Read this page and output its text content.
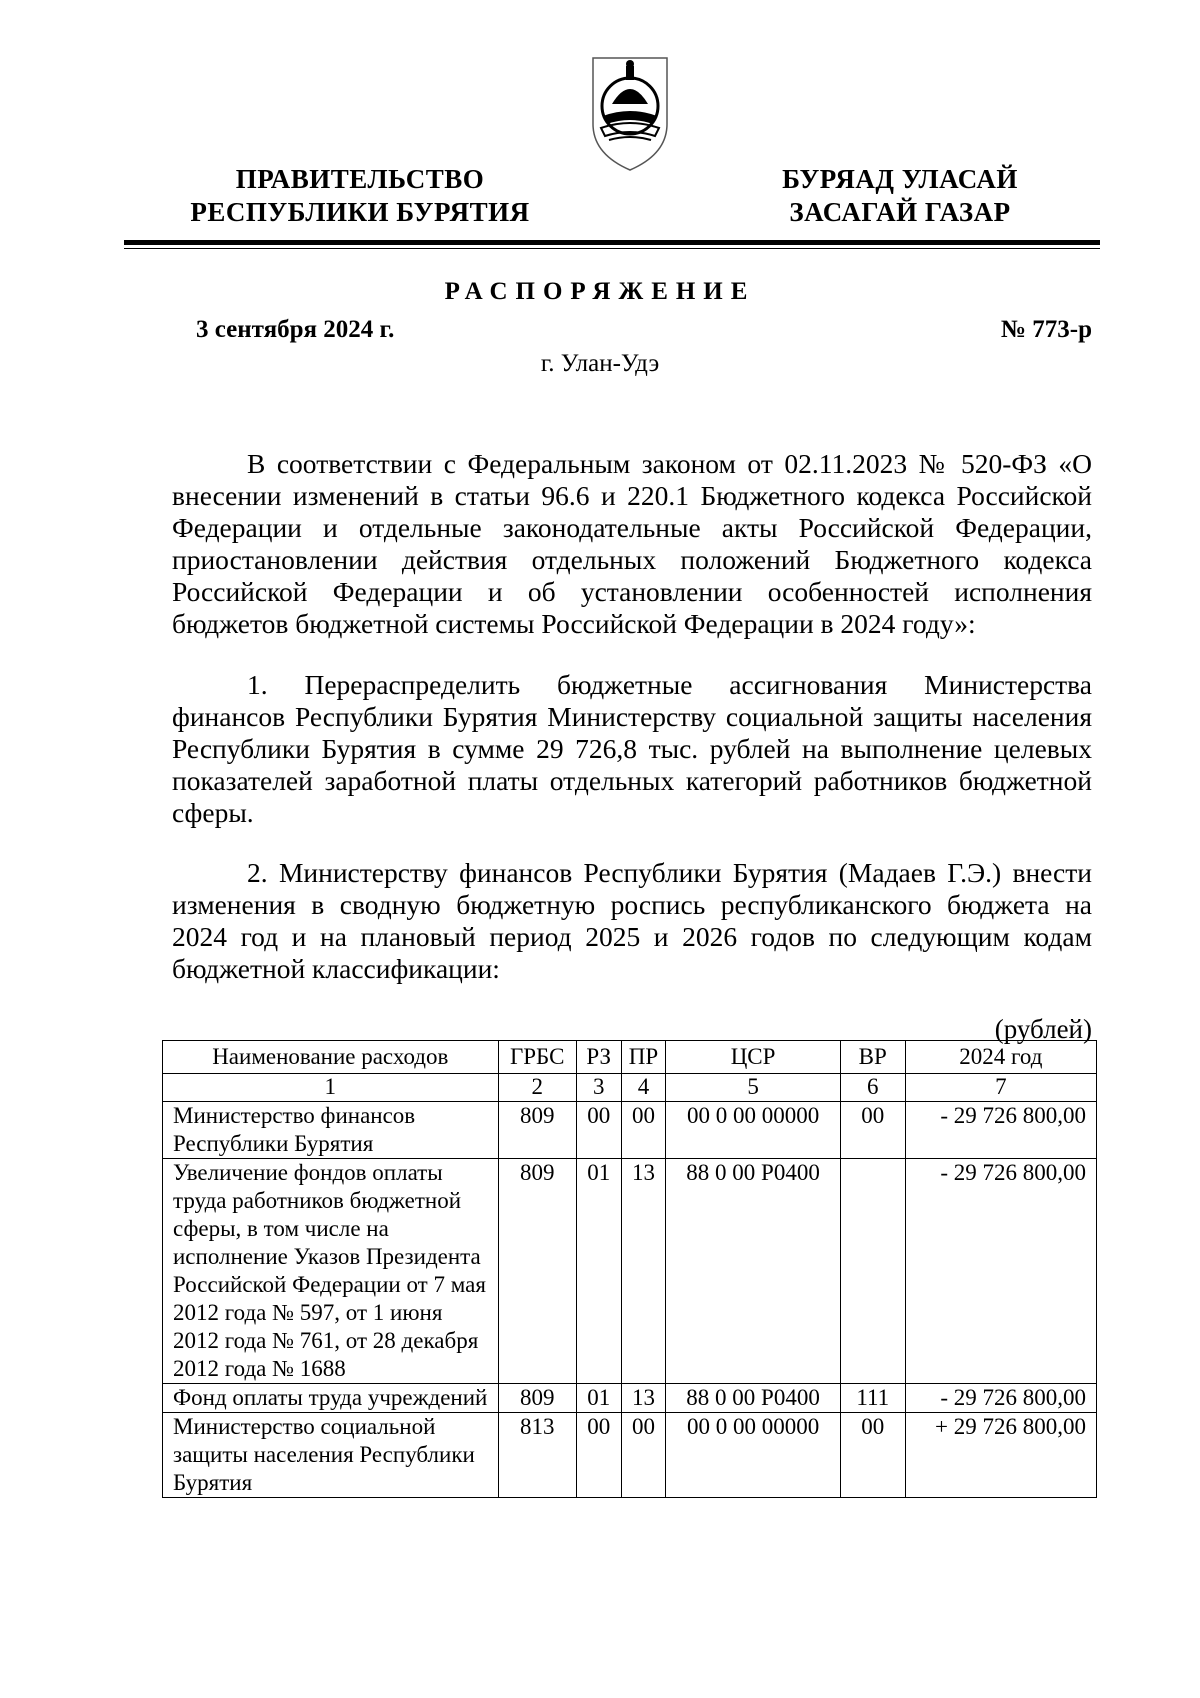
ПРАВИТЕЛЬСТВО
РЕСПУБЛИКИ БУРЯТИЯ
БУРЯАД УЛАСАЙ
ЗАСАГАЙ ГАЗАР
РАСПОРЯЖЕНИЕ
3 сентября 2024 г.	№ 773-р
г. Улан-Удэ
В соответствии с Федеральным законом от 02.11.2023 № 520-ФЗ «О внесении изменений в статьи 96.6 и 220.1 Бюджетного кодекса Российской Федерации и отдельные законодательные акты Российской Федерации, приостановлении действия отдельных положений Бюджетного кодекса Российской Федерации и об установлении особенностей исполнения бюджетов бюджетной системы Российской Федерации в 2024 году»:
1. Перераспределить бюджетные ассигнования Министерства финансов Республики Бурятия Министерству социальной защиты населения Республики Бурятия в сумме 29 726,8 тыс. рублей на выполнение целевых показателей заработной платы отдельных категорий работников бюджетной сферы.
2. Министерству финансов Республики Бурятия (Мадаев Г.Э.) внести изменения в сводную бюджетную роспись республиканского бюджета на 2024 год и на плановый период 2025 и 2026 годов по следующим кодам бюджетной классификации:
(рублей)
Наименование расходов	ГРБС	РЗ	ПР	ЦСР	ВР	2024 год
1	2	3	4	5	6	7
Министерство финансов Республики Бурятия	809	00	00	00 0 00 00000	00	- 29 726 800,00
Увеличение фондов оплаты труда работников бюджетной сферы, в том числе на исполнение Указов Президента Российской Федерации от 7 мая 2012 года № 597, от 1 июня 2012 года № 761, от 28 декабря 2012 года № 1688	809	01	13	88 0 00 Р0400		- 29 726 800,00
Фонд оплаты труда учреждений	809	01	13	88 0 00 Р0400	111	- 29 726 800,00
Министерство социальной защиты населения Республики Бурятия	813	00	00	00 0 00 00000	00	+ 29 726 800,00
